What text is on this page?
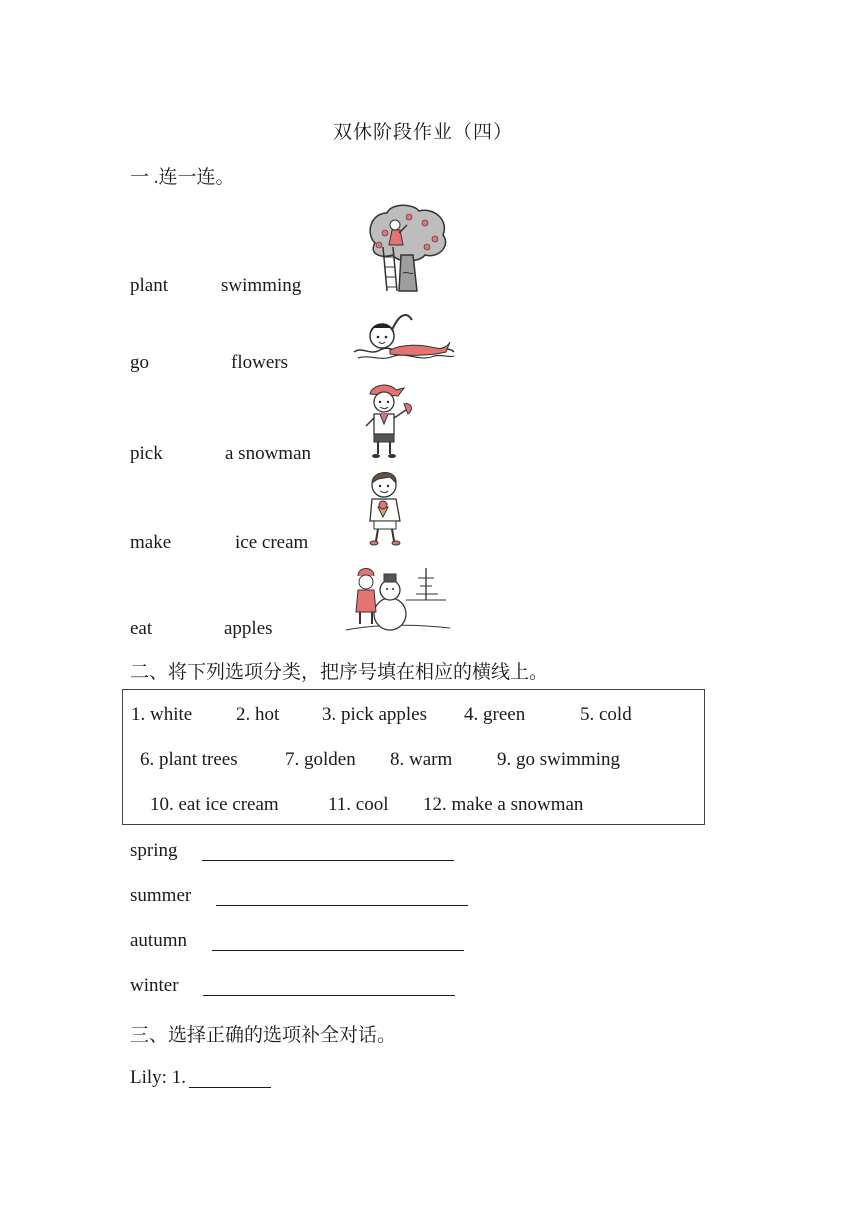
双休阶段作业（四）
一 .连一连。
plant	swimming
go	flowers
pick	a snowman
make	ice cream
eat	apples
二、将下列选项分类，把序号填在相应的横线上。
1. white 2. hot 3. pick apples 4. green	5. cold
6. plant trees 7. golden 8. warm 9. go swimming
10. eat ice cream	11. cool 12. make a snowman
spring
summer
autumn
winter
三、选择正确的选项补全对话。
Lily: 1.
